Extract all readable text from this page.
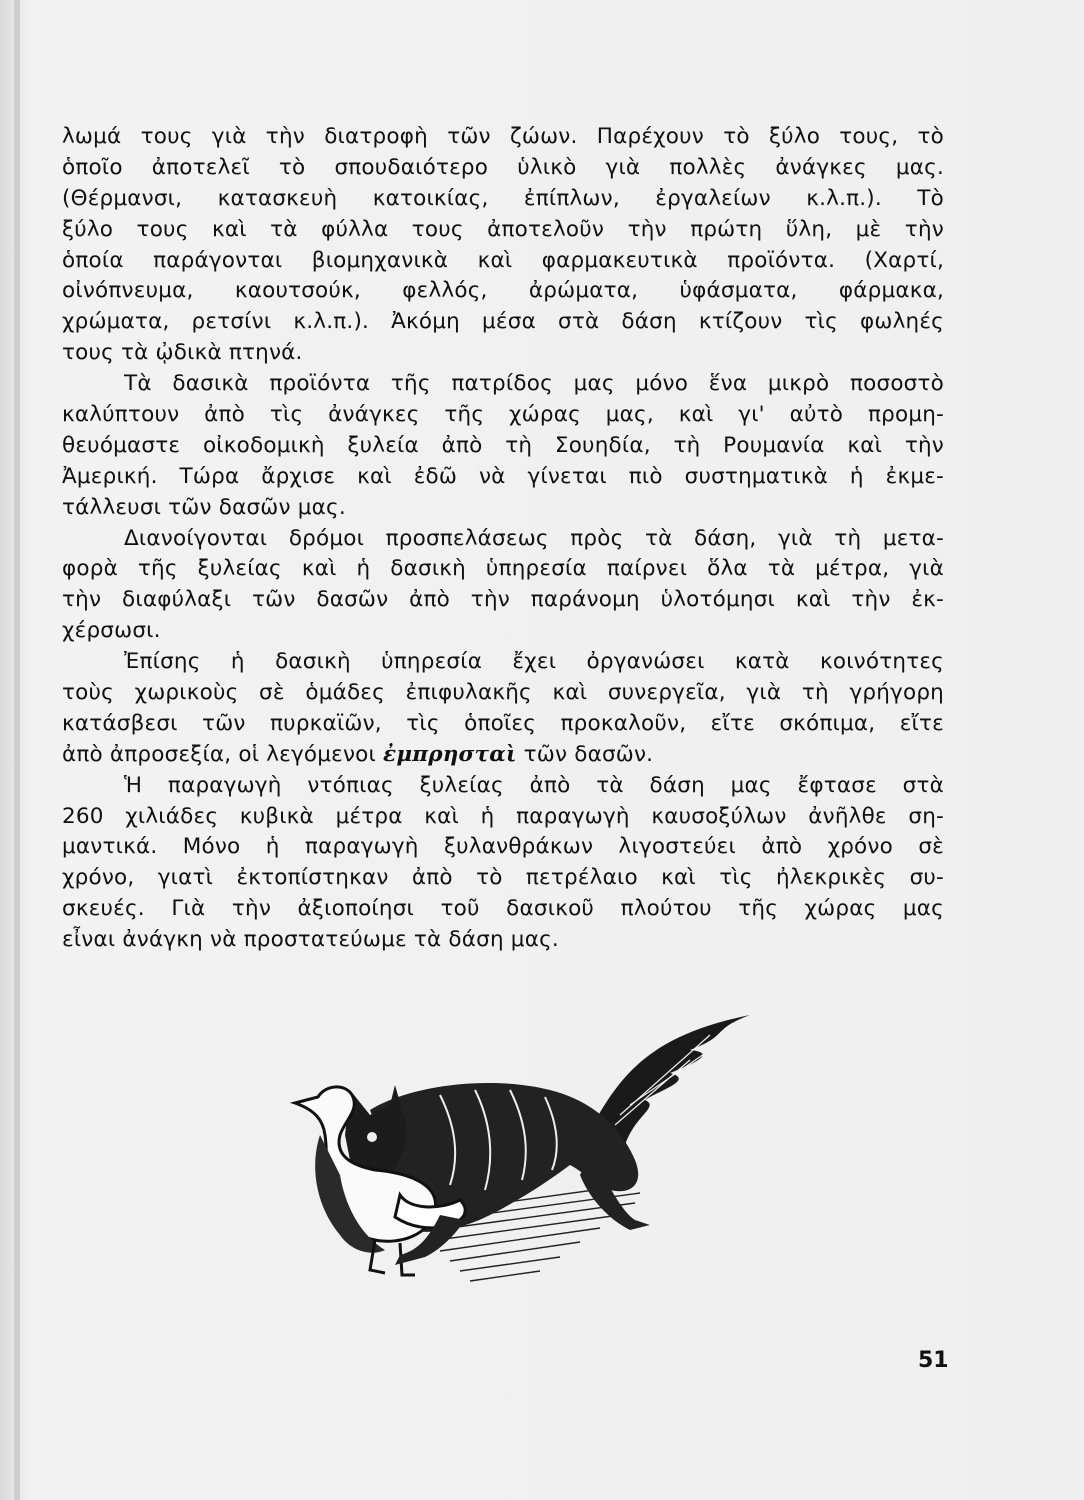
λωμά τους γιὰ τὴν διατροφὴ τῶν ζώων. Παρέχουν τὸ ξύλο τους, τὸ
ὁποῖο ἀποτελεῖ τὸ σπουδαιότερο ὑλικὸ γιὰ πολλὲς ἀνάγκες μας.
(Θέρμανσι, κατασκευὴ κατοικίας, ἐπίπλων, ἐργαλείων κ.λ.π.). Τὸ
ξύλο τους καὶ τὰ φύλλα τους ἀποτελοῦν τὴν πρώτη ὕλη, μὲ τὴν
ὁποία παράγονται βιομηχανικὰ καὶ φαρμακευτικὰ προϊόντα. (Χαρτί,
οἰνόπνευμα, καουτσούκ, φελλός, ἀρώματα, ὑφάσματα, φάρμακα,
χρώματα, ρετσίνι κ.λ.π.). Ἀκόμη μέσα στὰ δάση κτίζουν τὶς φωληές
τους τὰ ᾠδικὰ πτηνά.
Τὰ δασικὰ προϊόντα τῆς πατρίδος μας μόνο ἕνα μικρὸ ποσοστὸ
καλύπτουν ἀπὸ τὶς ἀνάγκες τῆς χώρας μας, καὶ γι' αὐτὸ προμη-
θευόμαστε οἰκοδομικὴ ξυλεία ἀπὸ τὴ Σουηδία, τὴ Ρουμανία καὶ τὴν
Ἀμερική. Τώρα ἄρχισε καὶ ἐδῶ νὰ γίνεται πιὸ συστηματικὰ ἡ ἐκμε-
τάλλευσι τῶν δασῶν μας.
Διανοίγονται δρόμοι προσπελάσεως πρὸς τὰ δάση, γιὰ τὴ μετα-
φορὰ τῆς ξυλείας καὶ ἡ δασικὴ ὑπηρεσία παίρνει ὅλα τὰ μέτρα, γιὰ
τὴν διαφύλαξι τῶν δασῶν ἀπὸ τὴν παράνομη ὑλοτόμησι καὶ τὴν ἐκ-
χέρσωσι.
Ἐπίσης ἡ δασικὴ ὑπηρεσία ἔχει ὀργανώσει κατὰ κοινότητες
τοὺς χωρικοὺς σὲ ὁμάδες ἐπιφυλακῆς καὶ συνεργεῖα, γιὰ τὴ γρήγορη
κατάσβεσι τῶν πυρκαϊῶν, τὶς ὁποῖες προκαλοῦν, εἴτε σκόπιμα, εἴτε
ἀπὸ ἀπροσεξία, οἱ λεγόμενοι ἐμπρησταὶ τῶν δασῶν.
Ἡ παραγωγὴ ντόπιας ξυλείας ἀπὸ τὰ δάση μας ἔφτασε στὰ
260 χιλιάδες κυβικὰ μέτρα καὶ ἡ παραγωγὴ καυσοξύλων ἀνῆλθε ση-
μαντικά. Μόνο ἡ παραγωγὴ ξυλανθράκων λιγοστεύει ἀπὸ χρόνο σὲ
χρόνο, γιατὶ ἐκτοπίστηκαν ἀπὸ τὸ πετρέλαιο καὶ τὶς ἠλεκρικὲς συ-
σκευές. Γιὰ τὴν ἀξιοποίησι τοῦ δασικοῦ πλούτου τῆς χώρας μας
εἶναι ἀνάγκη νὰ προστατεύωμε τὰ δάση μας.
51
